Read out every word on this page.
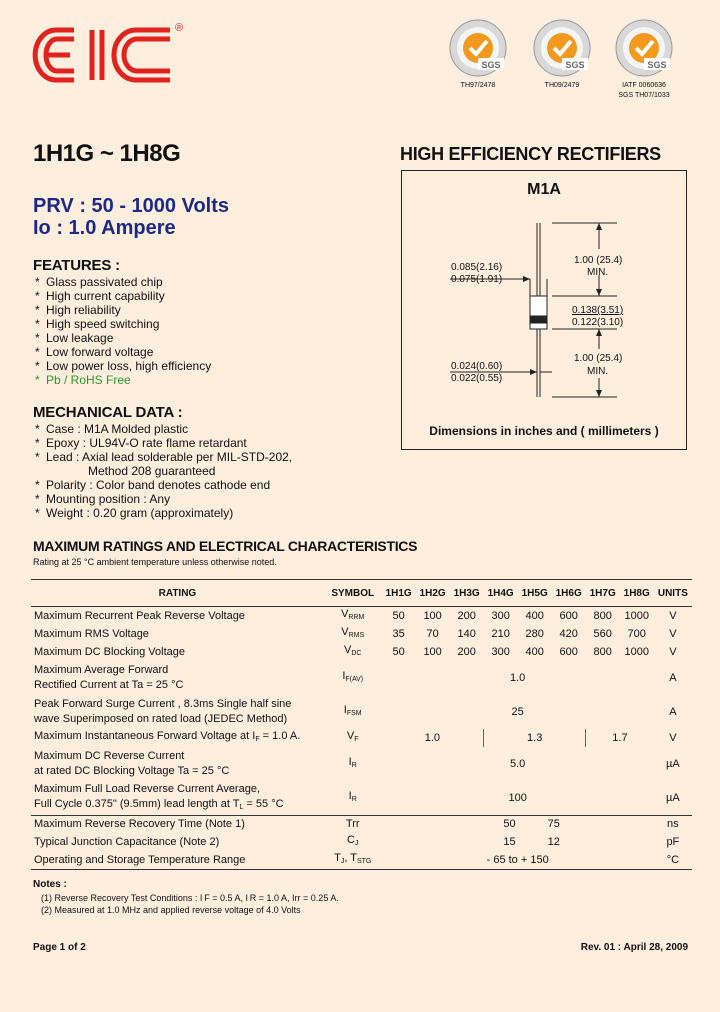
®
SGS
TH97/2478
SGS
TH09/2479
SGS
IATF 0060636
SGS TH07/1033
1H1G ~ 1H8G	HIGH EFFICIENCY RECTIFIERS
PRV : 50 - 1000 Volts
Io : 1.0 Ampere
FEATURES :
* Glass passivated chip
* High current capability
* High reliability
* High speed switching
* Low leakage
* Low forward voltage
* Low power loss, high efficiency
* Pb / RoHS Free
MECHANICAL DATA :
* Case : M1A Molded plastic
* Epoxy : UL94V-O rate flame retardant
* Lead : Axial lead solderable per MIL-STD-202,
Method 208 guaranteed
* Polarity : Color band denotes cathode end
* Mounting position : Any
* Weight : 0.20 gram (approximately)
M1A
1.00 (25.4)
MIN.
0.085(2.16)
0.075(1.91)
0.138(3.51)
0.122(3.10)
1.00 (25.4)
MIN.
0.024(0.60)
0.022(0.55)
Dimensions in inches and ( millimeters )
MAXIMUM RATINGS AND ELECTRICAL CHARACTERISTICS
Rating at 25 °C ambient temperature unless otherwise noted.
RATING	SYMBOL	1H1G	1H2G	1H3G	1H4G	1H5G	1H6G	1H7G	1H8G	UNITS
Maximum Recurrent Peak Reverse Voltage	$V_{RRM}$	50	100	200	300	400	600	800	1000	V
Maximum RMS Voltage	$V_{RMS}$	35	70	140	210	280	420	560	700	V
Maximum DC Blocking Voltage	$V_{DC}$	50	100	200	300	400	600	800	1000	V

Maximum Average Forward
Rectified Current at Ta = 25 °C	$I_{F(AV)}$	1.0								A

Peak Forward Surge Current , 8.3ms Single half sine
wave Superimposed on rated load (JEDEC Method)	$I_{FSM}$	25								A
Maximum Instantaneous Forward Voltage at $I_F = 1.0$ A.	$V_F$	1.0			1.3			1.7		V

Maximum DC Reverse Current
at rated DC Blocking Voltage Ta = 25 °C	$I_R$	5.0								µA

Maximum Full Load Reverse Current Average,
Full Cycle 0.375" (9.5mm) lead length at $T_L = 55$ °C	$I_R$	100								µA
Maximum Reverse Recovery Time (Note 1)	Trr	50				75				ns
Typical Junction Capacitance (Note 2)	$C_J$	15				12				pF
Operating and Storage Temperature Range	$T_J$, $T_{STG}$	- 65 to + 150								°C
Notes :
(1) Reverse Recovery Test Conditions : I F = 0.5 A, I R = 1.0 A, Irr = 0.25 A.
(2) Measured at 1.0 MHz and applied reverse voltage of 4.0 Volts
Page 1 of 2	Rev. 01 : April 28, 2009
